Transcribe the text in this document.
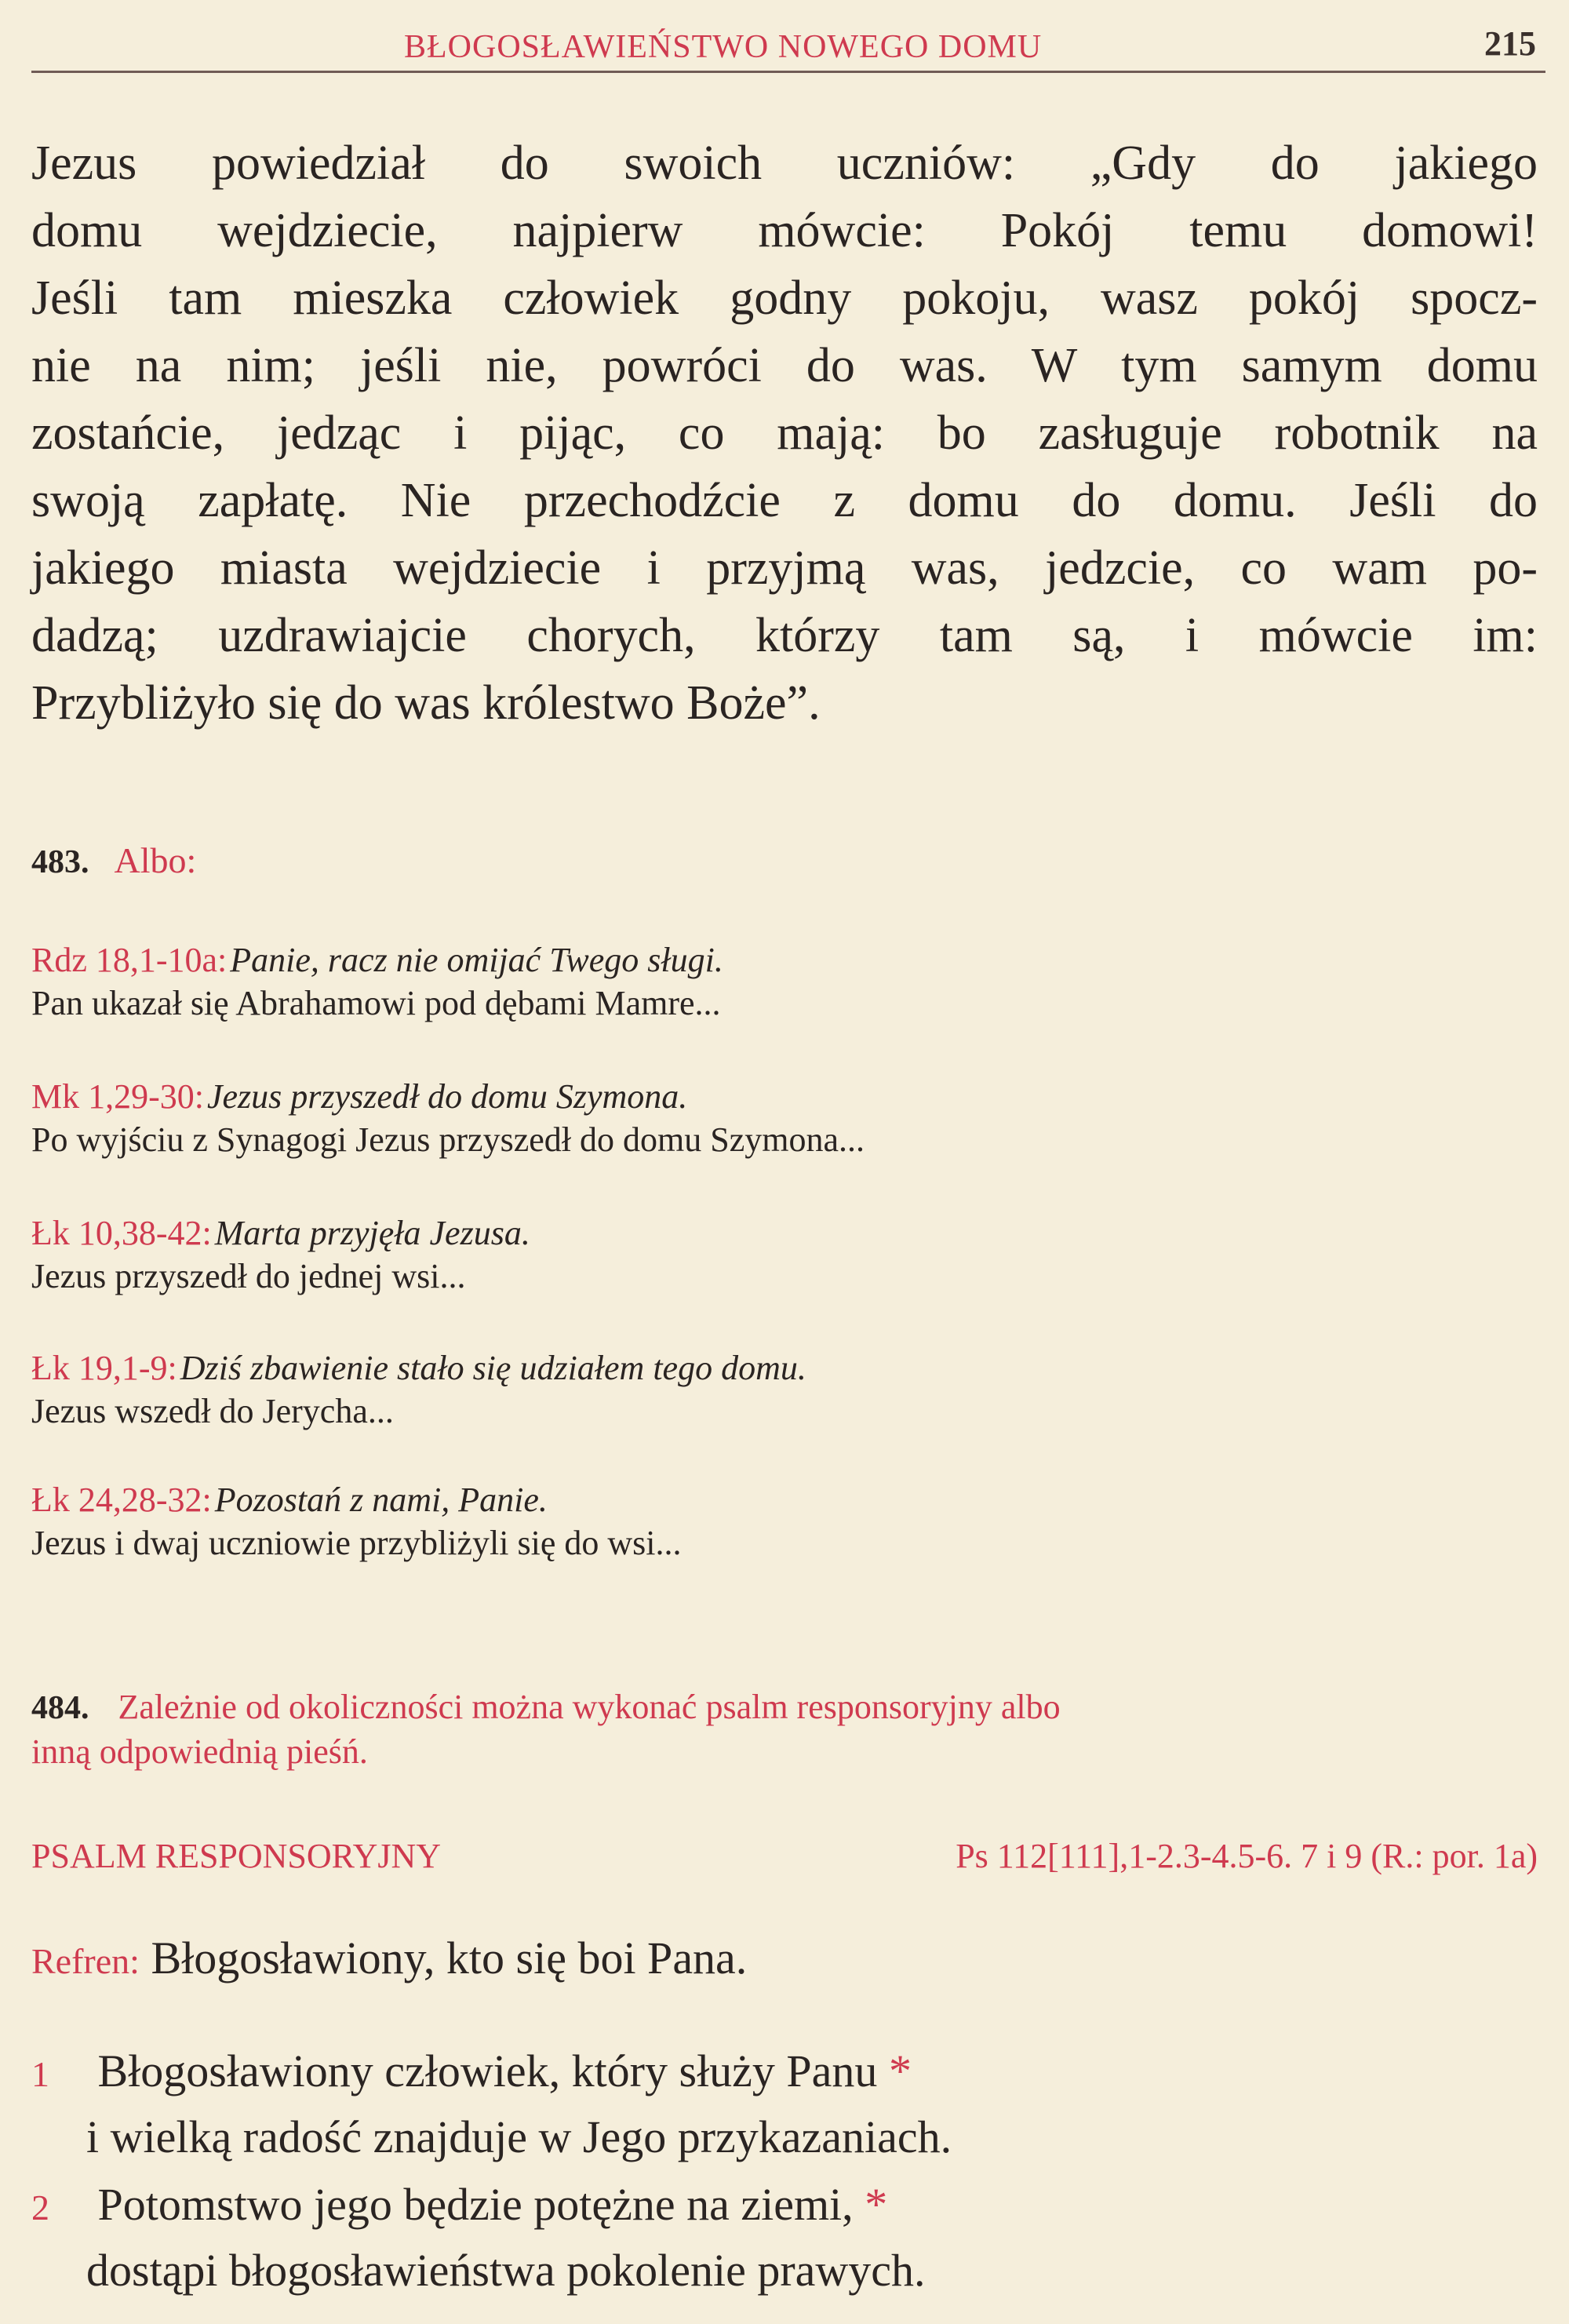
BŁOGOSŁAWIEŃSTWO NOWEGO DOMU	215
Jezus powiedział do swoich uczniów: „Gdy do jakiego
domu wejdziecie, najpierw mówcie: Pokój temu domowi!
Jeśli tam mieszka człowiek godny pokoju, wasz pokój spocz-
nie na nim; jeśli nie, powróci do was. W tym samym domu
zostańcie, jedząc i pijąc, co mają: bo zasługuje robotnik na
swoją zapłatę. Nie przechodźcie z domu do domu. Jeśli do
jakiego miasta wejdziecie i przyjmą was, jedzcie, co wam po-
dadzą; uzdrawiajcie chorych, którzy tam są, i mówcie im:
Przybliżyło się do was królestwo Boże”.
483. Albo:
Rdz 18,1-10a: Panie, racz nie omijać Twego sługi.
Pan ukazał się Abrahamowi pod dębami Mamre...
Mk 1,29-30: Jezus przyszedł do domu Szymona.
Po wyjściu z Synagogi Jezus przyszedł do domu Szymona...
Łk 10,38-42: Marta przyjęła Jezusa.
Jezus przyszedł do jednej wsi...
Łk 19,1-9: Dziś zbawienie stało się udziałem tego domu.
Jezus wszedł do Jerycha...
Łk 24,28-32: Pozostań z nami, Panie.
Jezus i dwaj uczniowie przybliżyli się do wsi...
484. Zależnie od okoliczności można wykonać psalm responsoryjny albo
inną odpowiednią pieśń.
PSALM RESPONSORYJNY	Ps 112[111],1-2.3-4.5-6. 7 i 9 (R.: por. 1a)
Refren: Błogosławiony, kto się boi Pana.
1 Błogosławiony człowiek, który służy Panu *
i wielką radość znajduje w Jego przykazaniach.
2 Potomstwo jego będzie potężne na ziemi, *
dostąpi błogosławieństwa pokolenie prawych.
